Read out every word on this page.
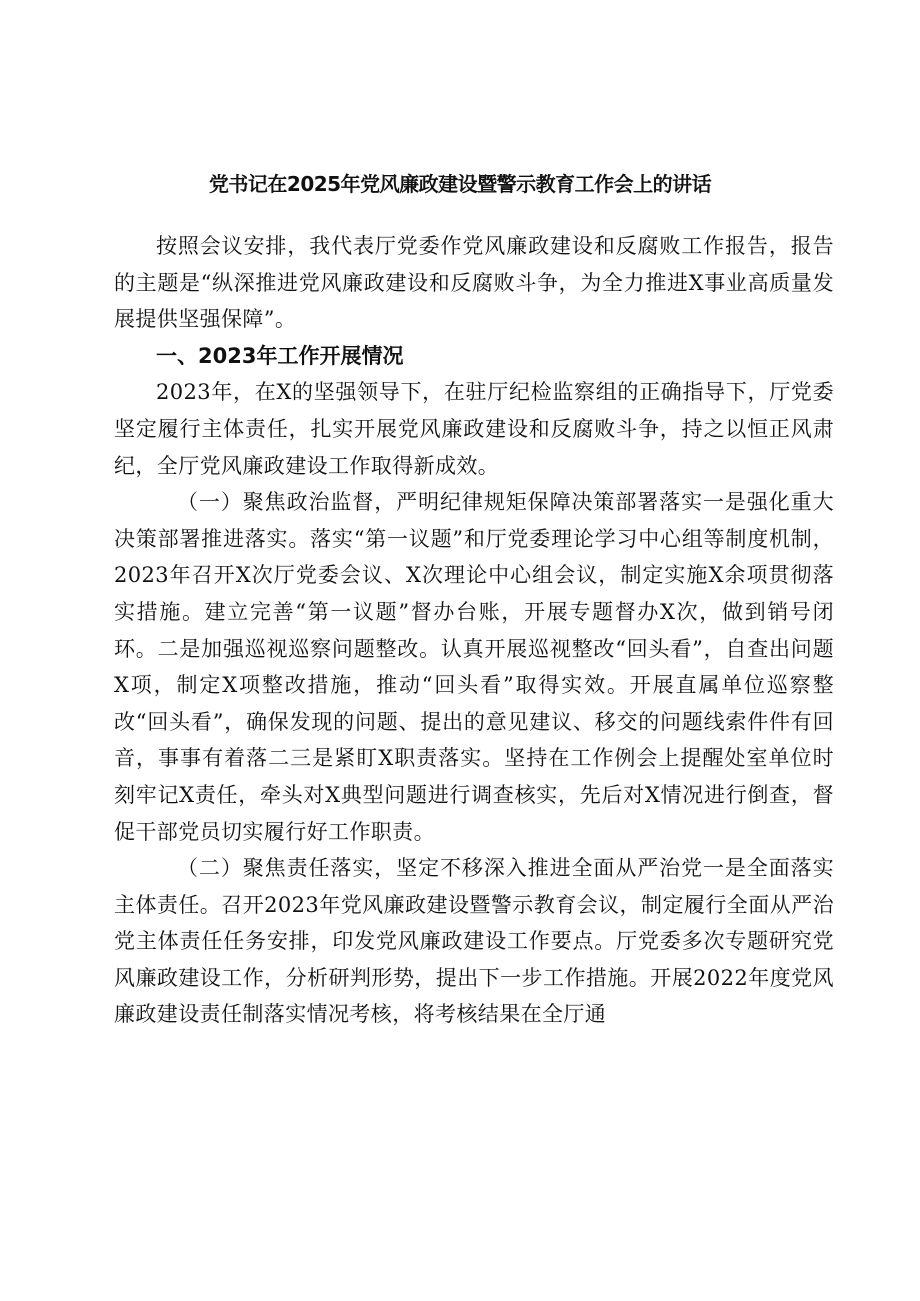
党书记在2025年党风廉政建设暨警示教育工作会上的讲话

按照会议安排，我代表厅党委作党风廉政建设和反腐败工作报告，报告的主题是“纵深推进党风廉政建设和反腐败斗争，为全力推进X事业高质量发展提供坚强保障”。

一、2023年工作开展情况

2023年，在X的坚强领导下，在驻厅纪检监察组的正确指导下，厅党委坚定履行主体责任，扎实开展党风廉政建设和反腐败斗争，持之以恒正风肃纪，全厅党风廉政建设工作取得新成效。

（一）聚焦政治监督，严明纪律规矩保障决策部署落实一是强化重大决策部署推进落实。落实“第一议题”和厅党委理论学习中心组等制度机制，2023年召开X次厅党委会议、X次理论中心组会议，制定实施X余项贯彻落实措施。建立完善“第一议题”督办台账，开展专题督办X次，做到销号闭环。二是加强巡视巡察问题整改。认真开展巡视整改“回头看”，自查出问题X项，制定X项整改措施，推动“回头看”取得实效。开展直属单位巡察整改“回头看”，确保发现的问题、提出的意见建议、移交的问题线索件件有回音，事事有着落二三是紧盯X职责落实。坚持在工作例会上提醒处室单位时刻牢记X责任，牵头对X典型问题进行调查核实，先后对X情况进行倒查，督促干部党员切实履行好工作职责。

（二）聚焦责任落实，坚定不移深入推进全面从严治党一是全面落实主体责任。召开2023年党风廉政建设暨警示教育会议，制定履行全面从严治党主体责任任务安排，印发党风廉政建设工作要点。厅党委多次专题研究党风廉政建设工作，分析研判形势，提出下一步工作措施。开展2022年度党风廉政建设责任制落实情况考核，将考核结果在全厅通
